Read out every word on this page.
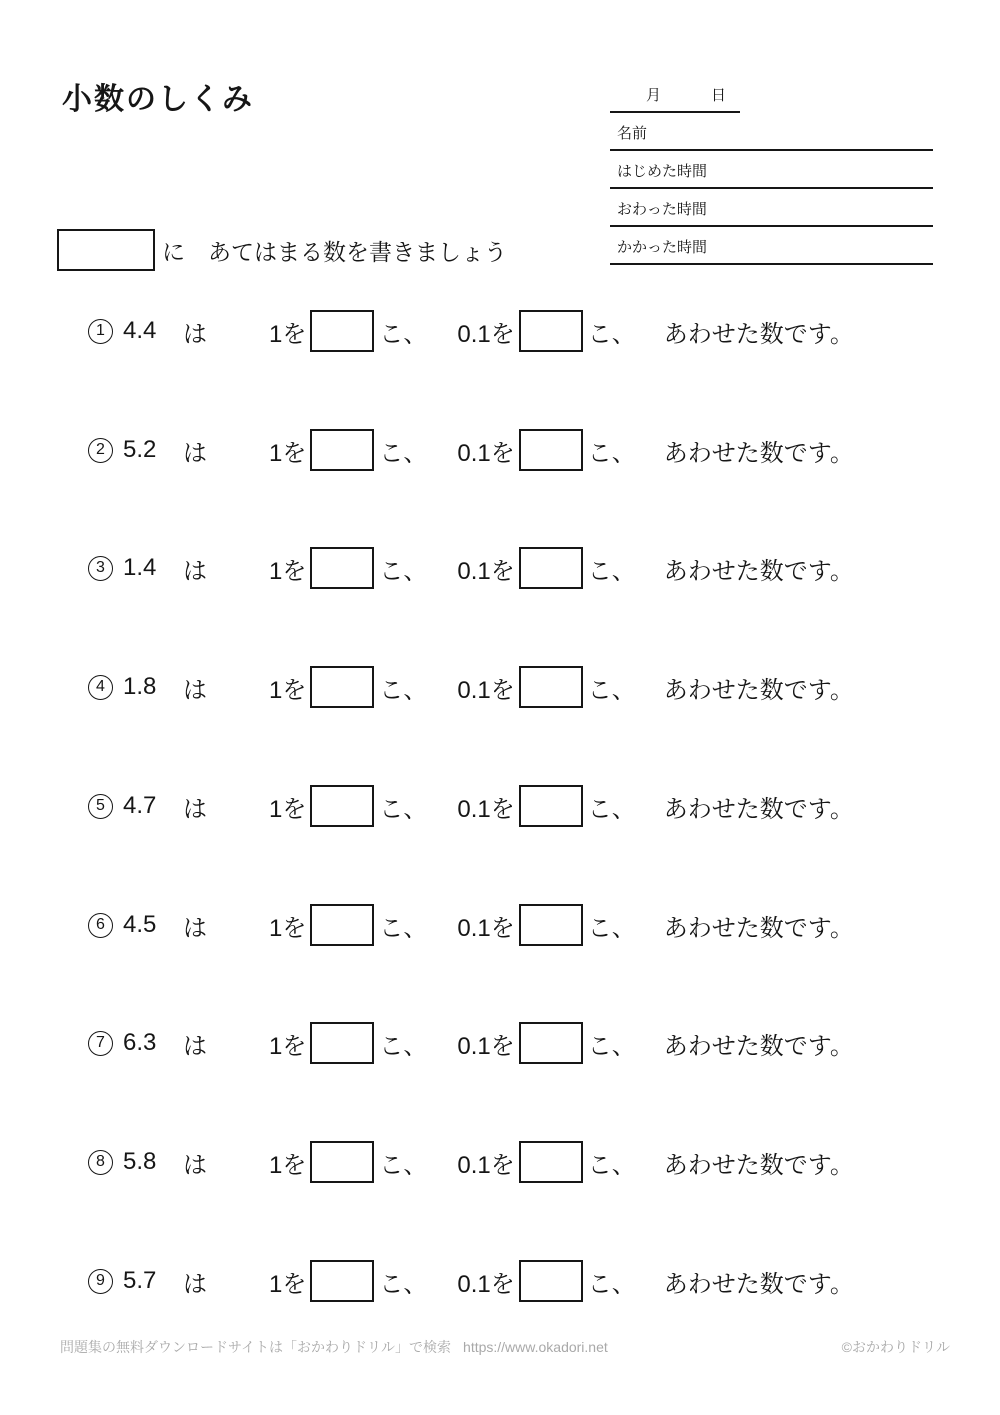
小数のしくみ	月	日
名前
はじめた時間
おわった時間
かかった時間
に　あてはまる数を書きましょう
1 4.4	は	1を	こ、 0.1を	こ、 あわせた数です。
2 5.2	は	1を	こ、 0.1を	こ、 あわせた数です。
3 1.4	は	1を	こ、 0.1を	こ、 あわせた数です。
4 1.8	は	1を	こ、 0.1を	こ、 あわせた数です。
5 4.7	は	1を	こ、 0.1を	こ、 あわせた数です。
6 4.5	は	1を	こ、 0.1を	こ、 あわせた数です。
7 6.3	は	1を	こ、 0.1を	こ、 あわせた数です。
8 5.8	は	1を	こ、 0.1を	こ、 あわせた数です。
9 5.7	は	1を	こ、 0.1を	こ、 あわせた数です。
問題集の無料ダウンロードサイトは「おかわりドリル」で検索 https://www.okadori.net	©おかわりドリル
